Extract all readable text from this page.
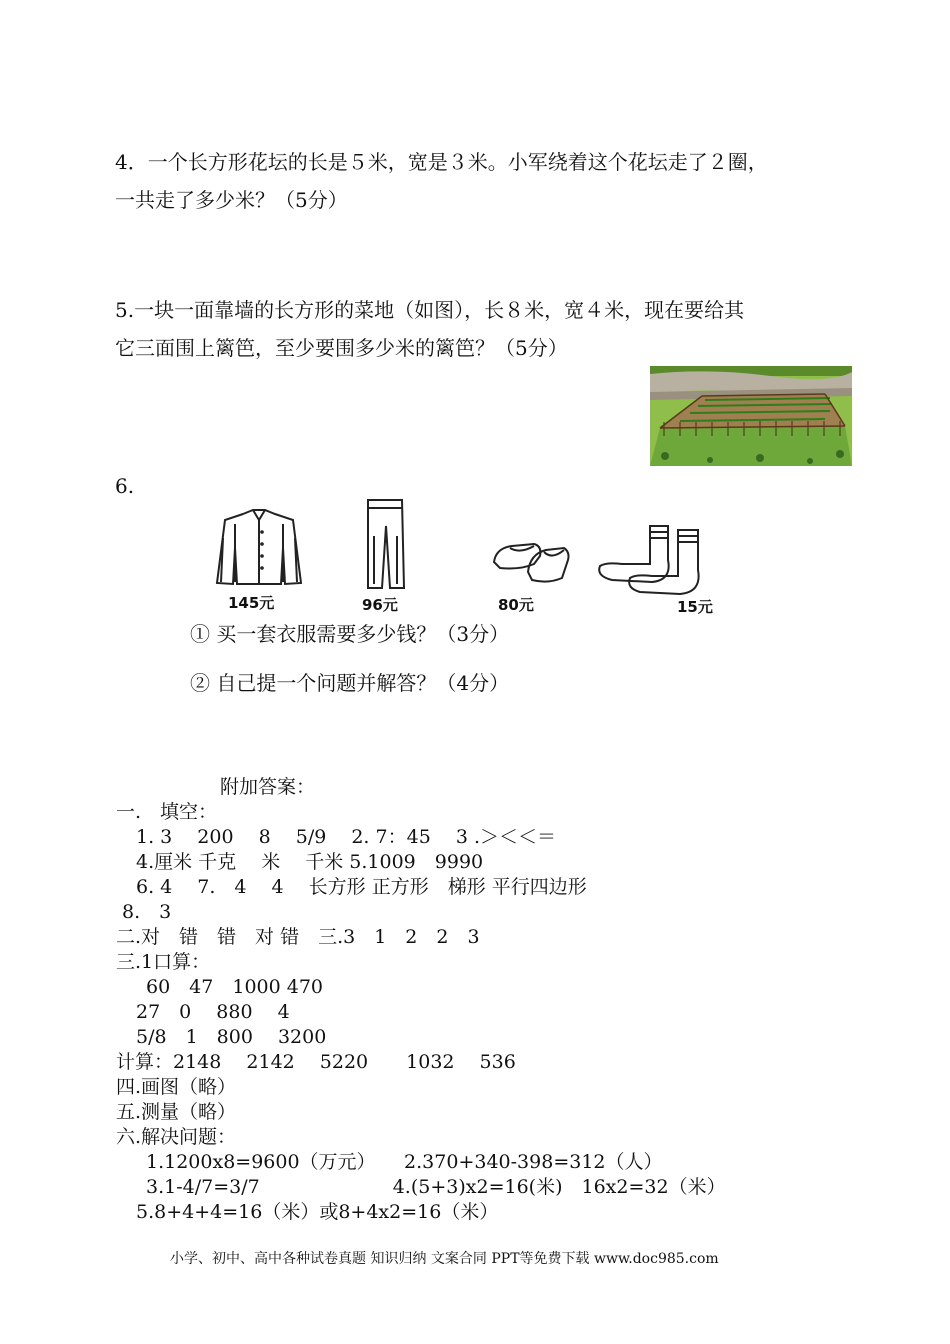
4．一个长方形花坛的长是５米，宽是３米。小军绕着这个花坛走了２圈，
一共走了多少米？（5分）
5.一块一面靠墙的长方形的菜地（如图），长８米，宽４米，现在要给其
它三面围上篱笆，至少要围多少米的篱笆？（5分）
6.
145元	96元	80元	15元
① 买一套衣服需要多少钱？（3分）
② 自己提一个问题并解答？（4分）
附加答案：
一.　填空：
1. 3　 200　 8　 5/9　 2. 7：45　 3 .＞＜＜＝
4.厘米 千克　 米　 千米 5.1009　9990
6. 4　 7.　4　 4　 长方形 正方形　梯形 平行四边形
8.　3
二.对　错　错　对 错　三.3　1　2　2　3
三.1口算：
60　47　1000 470
27　0　 880　 4
5/8　1　800　 3200
计算：2148　 2142　 5220　　1032　 536
四.画图（略）
五.测量（略）
六.解决问题：
1.1200x8=9600（万元）　　2.370+340-398=312（人）
3.1-4/7=3/7　　　　　　　4.(5+3)x2=16(米)　16x2=32（米）
5.8+4+4=16（米）或8+4x2=16（米）
小学、初中、高中各种试卷真题 知识归纳 文案合同 PPT等免费下载 www.doc985.com
